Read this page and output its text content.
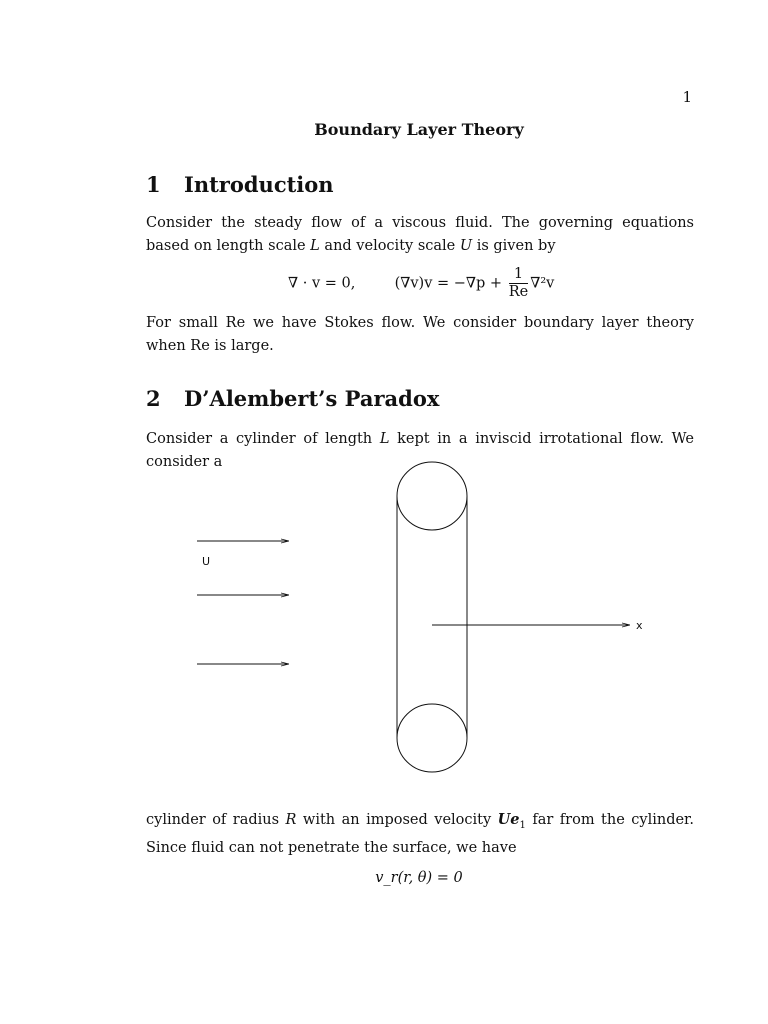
1
Boundary Layer Theory
1 Introduction
Consider the steady flow of a viscous fluid. The governing equations based on length scale L and velocity scale U is given by
∇ · v = 0,	$(\nabla v)v = -\nabla p + \frac{1}{Re} \nabla^2v$
For small Re we have Stokes flow. We consider boundary layer theory when Re is large.
2 D’Alembert’s Paradox
Consider a cylinder of length L kept in a inviscid irrotational flow. We consider a
x
U
cylinder of radius R with an imposed velocity $Ue_1$ far from the cylinder. Since fluid can not penetrate the surface, we have
v_r(r, θ) = 0
